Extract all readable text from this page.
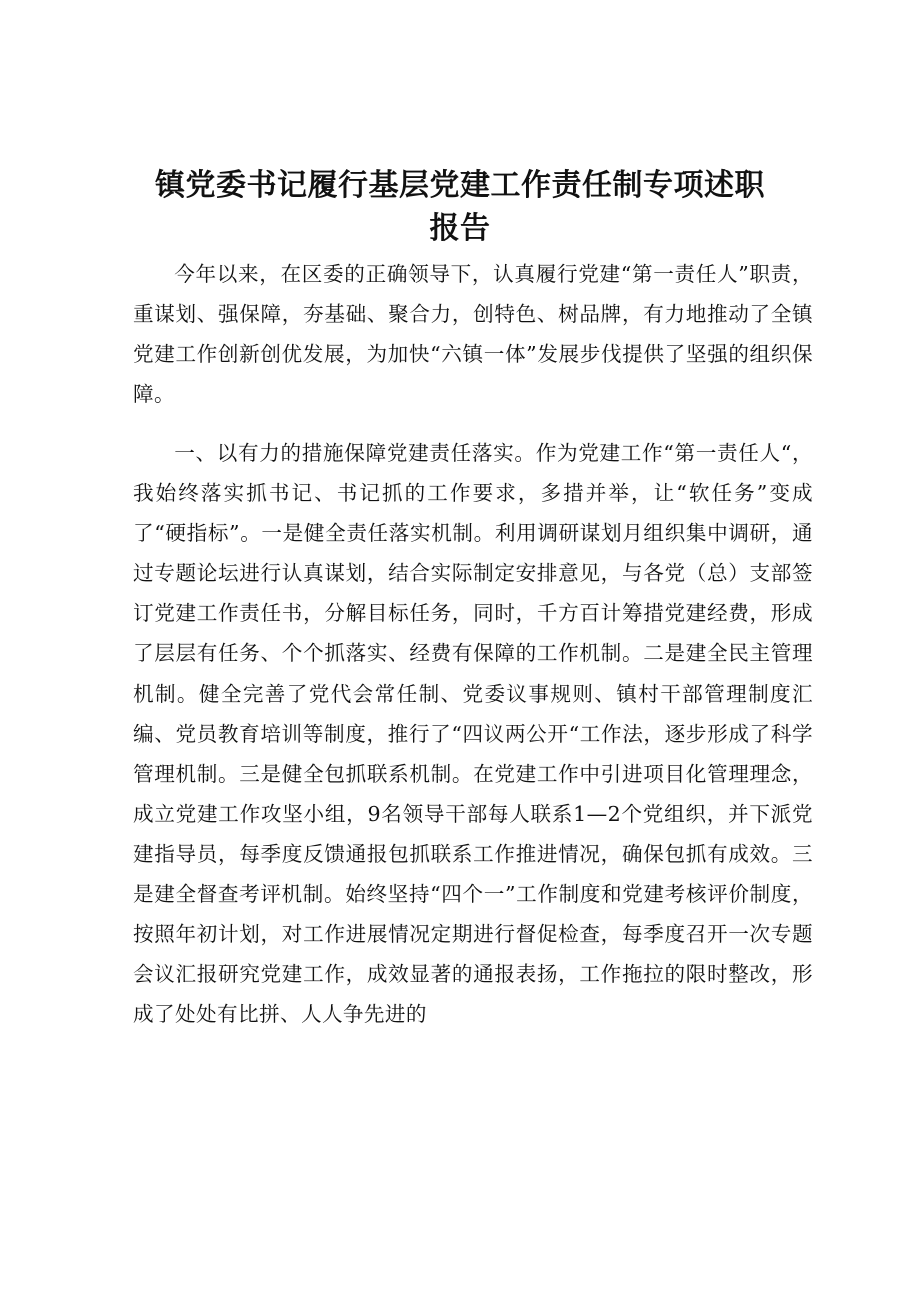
镇党委书记履行基层党建工作责任制专项述职
报告

今年以来，在区委的正确领导下，认真履行党建“第一责任人”职责，重谋划、强保障，夯基础、聚合力，创特色、树品牌，有力地推动了全镇党建工作创新创优发展，为加快“六镇一体”发展步伐提供了坚强的组织保障。

一、以有力的措施保障党建责任落实。作为党建工作“第一责任人“，我始终落实抓书记、书记抓的工作要求，多措并举，让“软任务”变成了“硬指标”。一是健全责任落实机制。利用调研谋划月组织集中调研，通过专题论坛进行认真谋划，结合实际制定安排意见，与各党（总）支部签订党建工作责任书，分解目标任务，同时，千方百计筹措党建经费，形成了层层有任务、个个抓落实、经费有保障的工作机制。二是建全民主管理机制。健全完善了党代会常任制、党委议事规则、镇村干部管理制度汇编、党员教育培训等制度，推行了“四议两公开“工作法，逐步形成了科学管理机制。三是健全包抓联系机制。在党建工作中引进项目化管理理念，成立党建工作攻坚小组，9名领导干部每人联系1—2个党组织，并下派党建指导员，每季度反馈通报包抓联系工作推进情况，确保包抓有成效。三是建全督查考评机制。始终坚持“四个一”工作制度和党建考核评价制度，按照年初计划，对工作进展情况定期进行督促检查，每季度召开一次专题会议汇报研究党建工作，成效显著的通报表扬，工作拖拉的限时整改，形成了处处有比拼、人人争先进的
